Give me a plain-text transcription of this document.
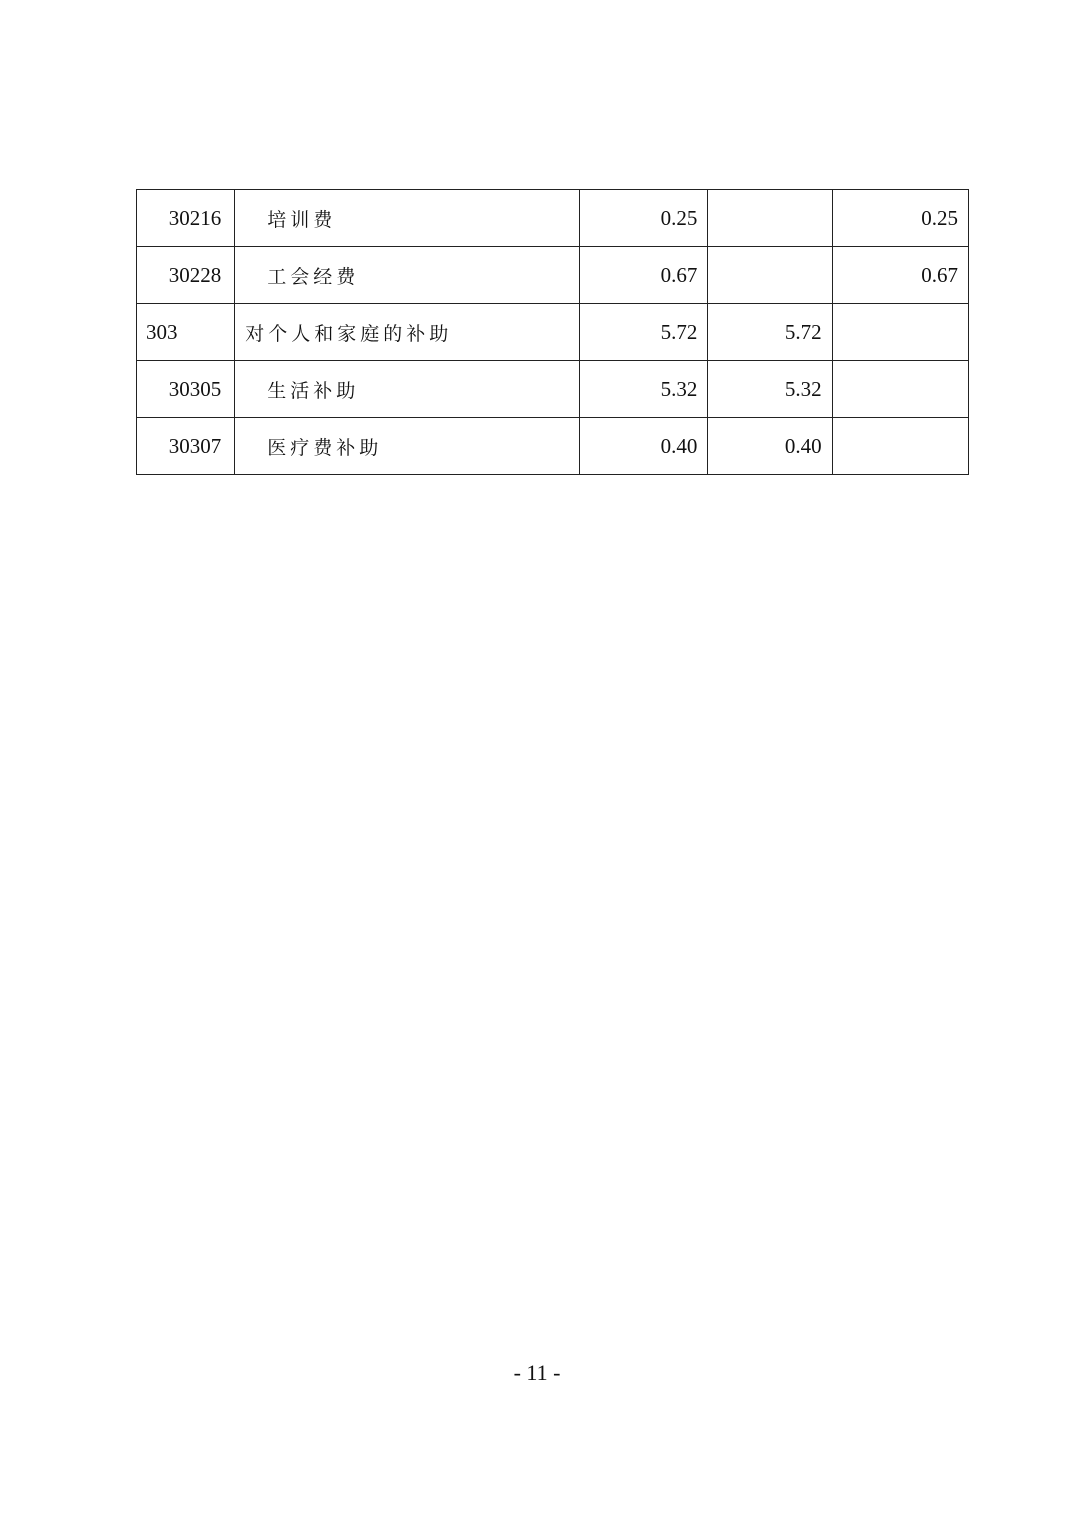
30216	培训费	0.25		0.25
30228	工会经费	0.67		0.67
303	对个人和家庭的补助	5.72	5.72	
30305	生活补助	5.32	5.32	
30307	医疗费补助	0.40	0.40	
- 11 -
